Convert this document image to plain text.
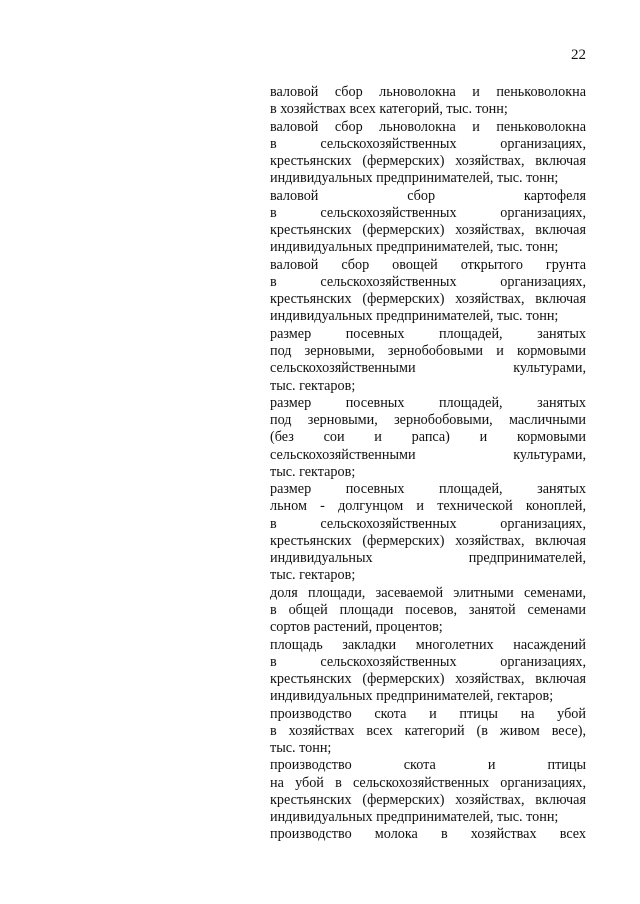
22
валовой сбор льноволокна и пеньковолокна
в хозяйствах всех категорий, тыс. тонн;
валовой сбор льноволокна и пеньковолокна
в сельскохозяйственных организациях,
крестьянских (фермерских) хозяйствах, включая
индивидуальных предпринимателей, тыс. тонн;
валовой сбор картофеля
в сельскохозяйственных организациях,
крестьянских (фермерских) хозяйствах, включая
индивидуальных предпринимателей, тыс. тонн;
валовой сбор овощей открытого грунта
в сельскохозяйственных организациях,
крестьянских (фермерских) хозяйствах, включая
индивидуальных предпринимателей, тыс. тонн;
размер посевных площадей, занятых
под зерновыми, зернобобовыми и кормовыми
сельскохозяйственными культурами,
тыс. гектаров;
размер посевных площадей, занятых
под зерновыми, зернобобовыми, масличными
(без сои и рапса) и кормовыми
сельскохозяйственными культурами,
тыс. гектаров;
размер посевных площадей, занятых
льном - долгунцом и технической коноплей,
в сельскохозяйственных организациях,
крестьянских (фермерских) хозяйствах, включая
индивидуальных предпринимателей,
тыс. гектаров;
доля площади, засеваемой элитными семенами,
в общей площади посевов, занятой семенами
сортов растений, процентов;
площадь закладки многолетних насаждений
в сельскохозяйственных организациях,
крестьянских (фермерских) хозяйствах, включая
индивидуальных предпринимателей, гектаров;
производство скота и птицы на убой
в хозяйствах всех категорий (в живом весе),
тыс. тонн;
производство скота и птицы
на убой в сельскохозяйственных организациях,
крестьянских (фермерских) хозяйствах, включая
индивидуальных предпринимателей, тыс. тонн;
производство молока в хозяйствах всех
